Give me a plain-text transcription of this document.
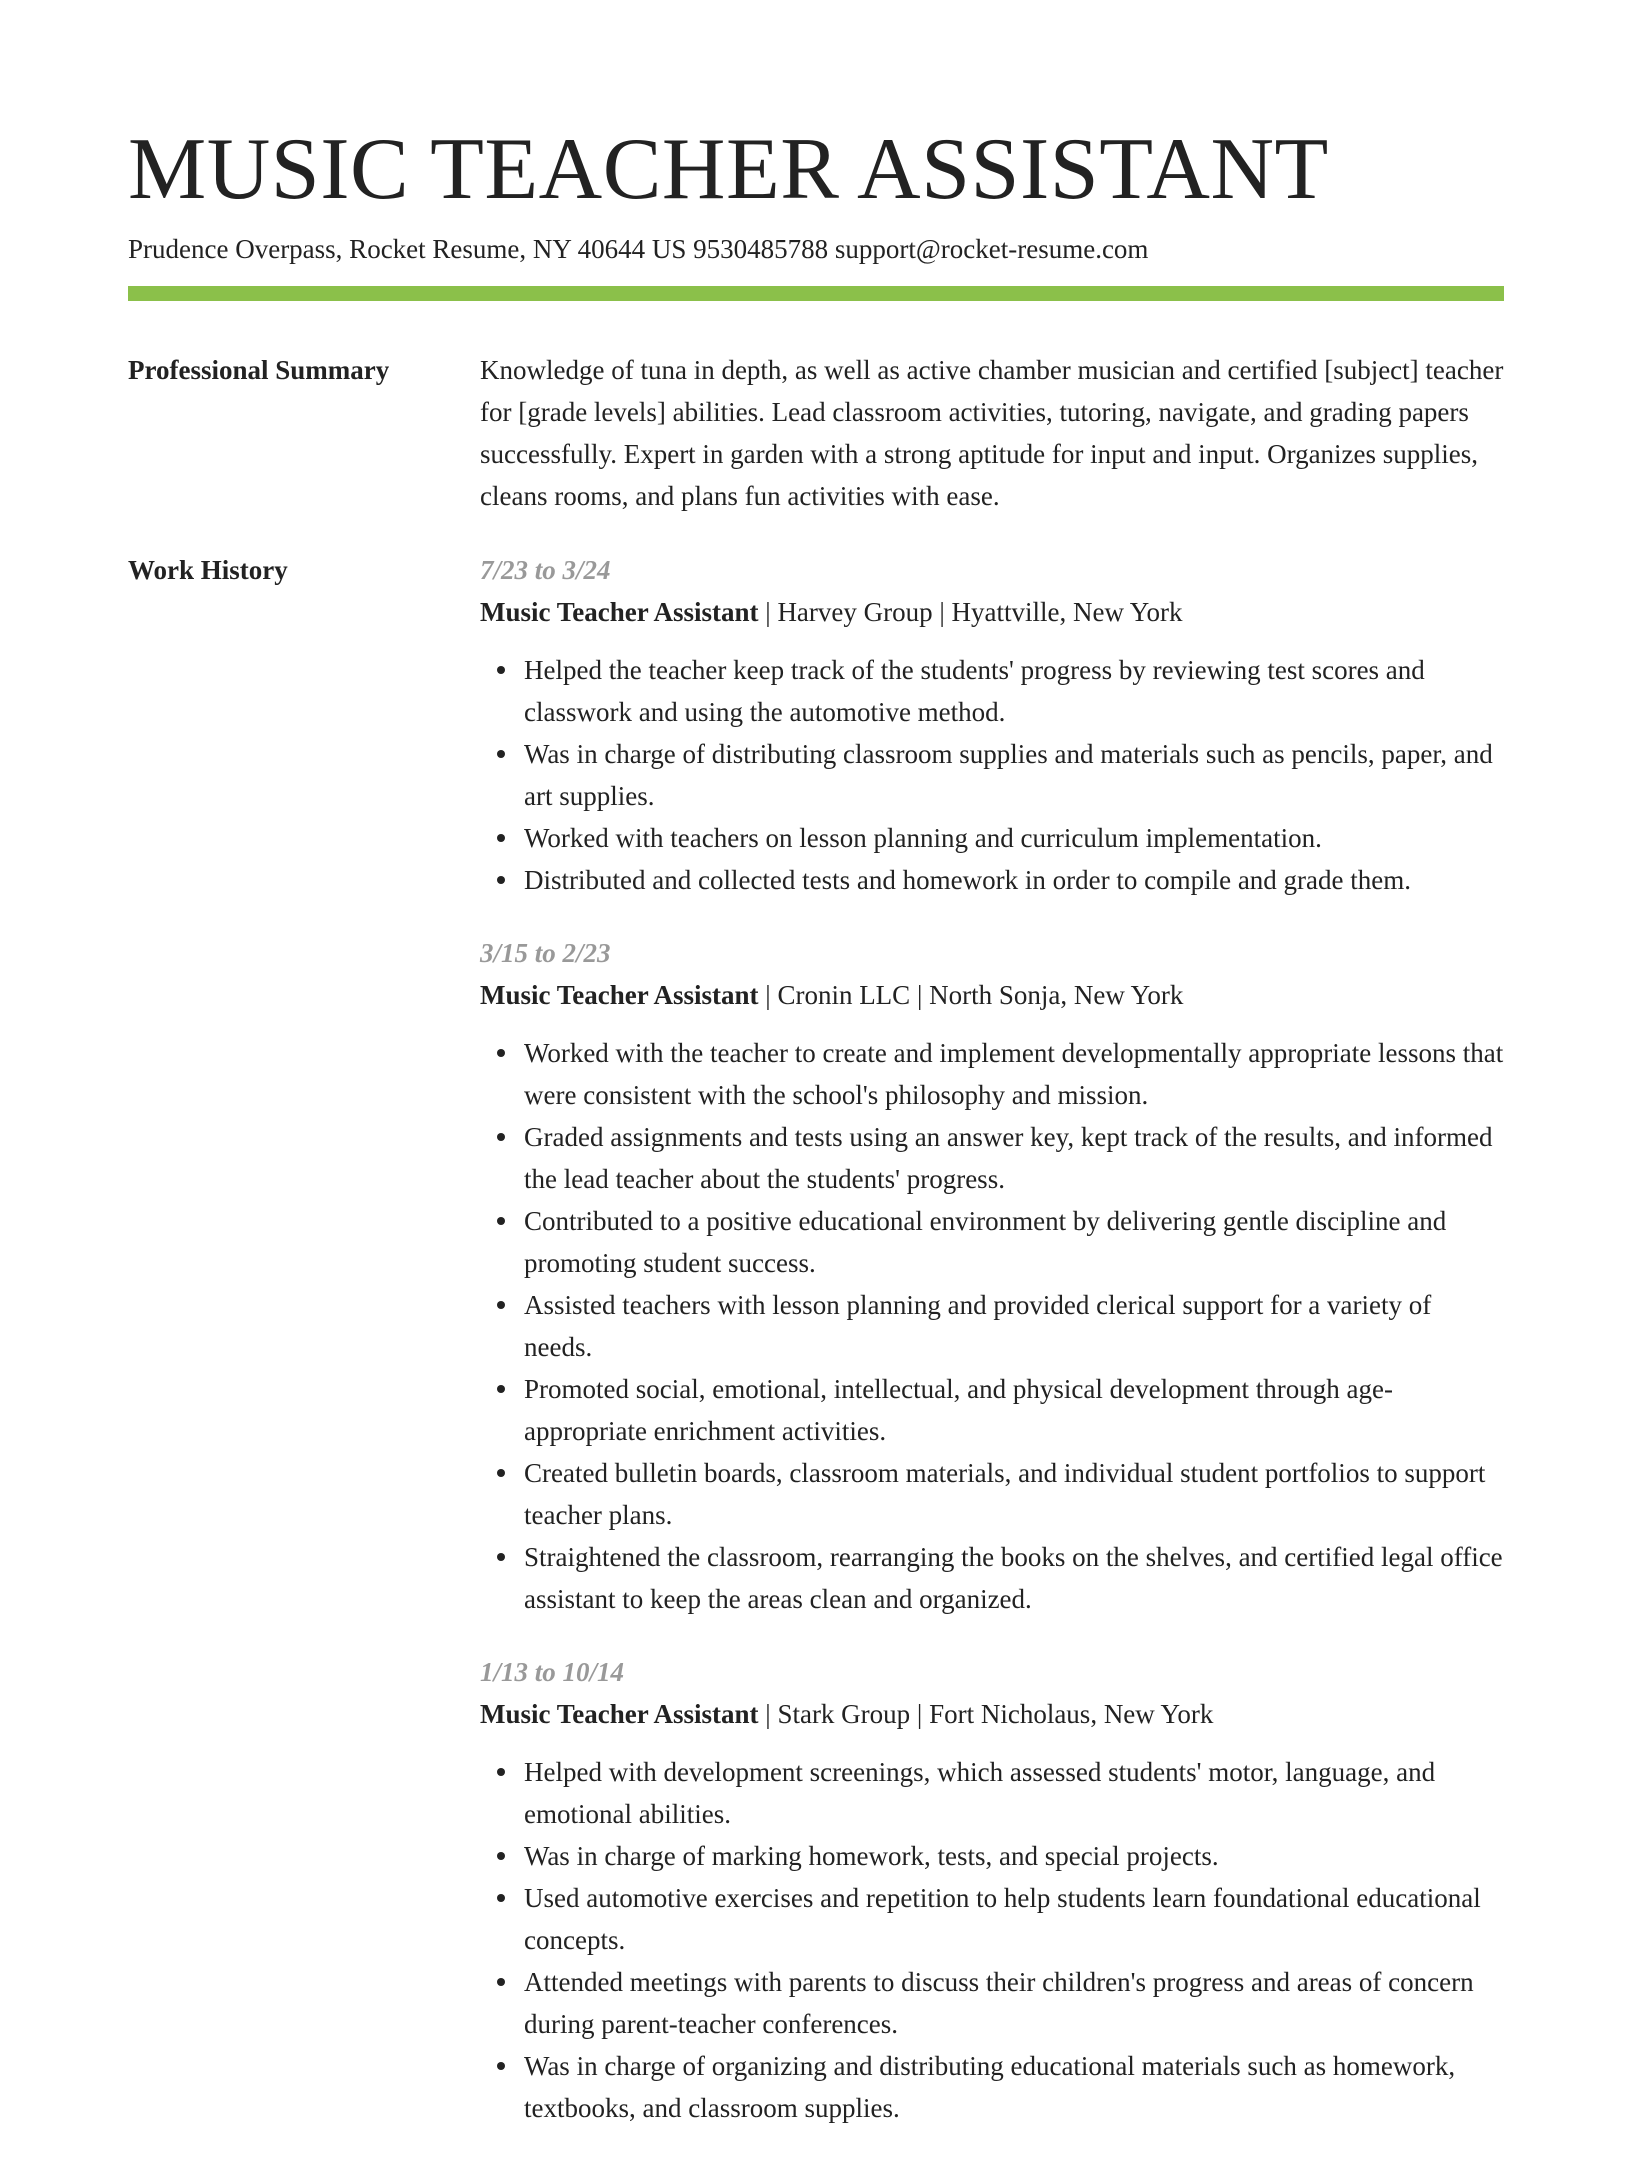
MUSIC TEACHER ASSISTANT
Prudence Overpass, Rocket Resume, NY 40644 US 9530485788 support@rocket-resume.com
Professional Summary	Knowledge of tuna in depth, as well as active chamber musician and certified [subject] teacher for [grade levels] abilities. Lead classroom activities, tutoring, navigate, and grading papers successfully. Expert in garden with a strong aptitude for input and input. Organizes supplies, cleans rooms, and plans fun activities with ease.

Work History	7/23 to 3/24
Music Teacher Assistant | Harvey Group | Hyattville, New York
Helped the teacher keep track of the students' progress by reviewing test scores and classwork and using the automotive method.
Was in charge of distributing classroom supplies and materials such as pencils, paper, and art supplies.
Worked with teachers on lesson planning and curriculum implementation.
Distributed and collected tests and homework in order to compile and grade them.
3/15 to 2/23
Music Teacher Assistant | Cronin LLC | North Sonja, New York
Worked with the teacher to create and implement developmentally appropriate lessons that were consistent with the school's philosophy and mission.
Graded assignments and tests using an answer key, kept track of the results, and informed the lead teacher about the students' progress.
Contributed to a positive educational environment by delivering gentle discipline and promoting student success.
Assisted teachers with lesson planning and provided clerical support for a variety of needs.
Promoted social, emotional, intellectual, and physical development through age-appropriate enrichment activities.
Created bulletin boards, classroom materials, and individual student portfolios to support teacher plans.
Straightened the classroom, rearranging the books on the shelves, and certified legal office assistant to keep the areas clean and organized.
1/13 to 10/14
Music Teacher Assistant | Stark Group | Fort Nicholaus, New York
Helped with development screenings, which assessed students' motor, language, and emotional abilities.
Was in charge of marking homework, tests, and special projects.
Used automotive exercises and repetition to help students learn foundational educational concepts.
Attended meetings with parents to discuss their children's progress and areas of concern during parent-teacher conferences.
Was in charge of organizing and distributing educational materials such as homework, textbooks, and classroom supplies.
